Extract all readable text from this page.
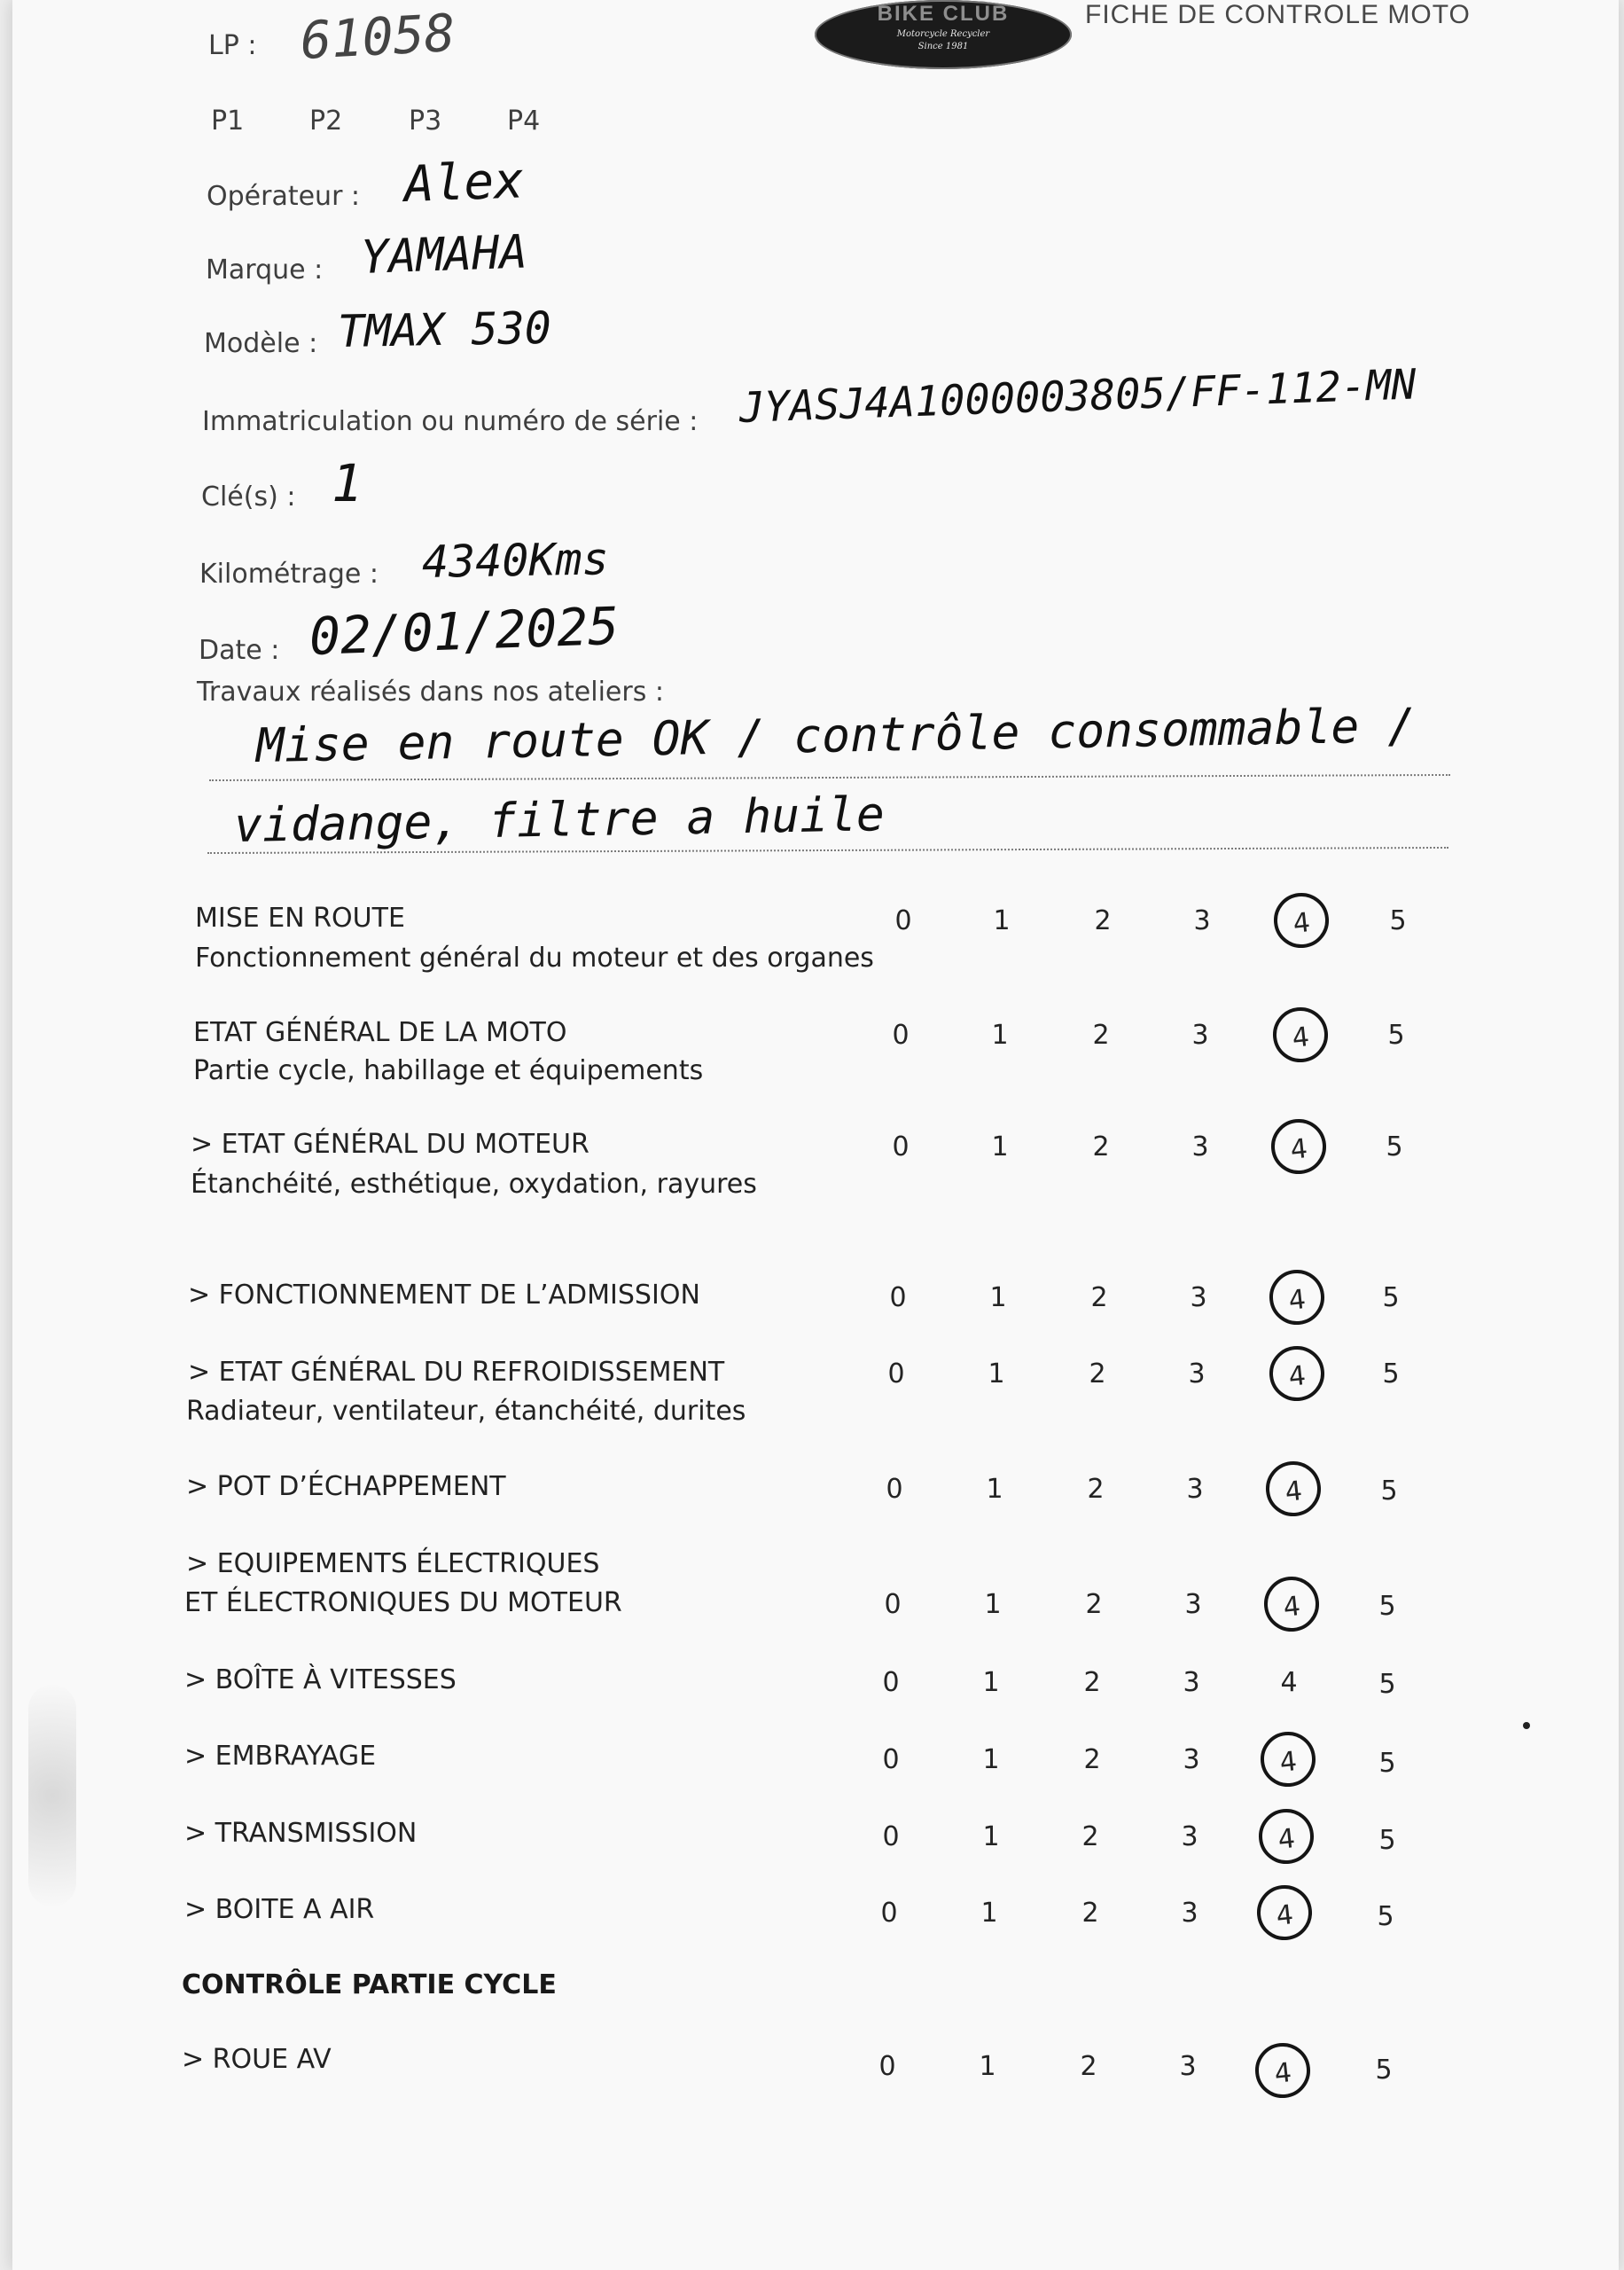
BIKE CLUB
Motorcycle Recycler
Since 1981
FICHE DE CONTROLE MOTO
LP : 61058
P1 P2 P3 P4
Opérateur : Alex
Marque : YAMAHA
Modèle : TMAX 530
Immatriculation ou numéro de série : JYASJ4A1000003805/FF-112-MN
Clé(s) : 1
Kilométrage : 4340Kms
Date : 02/01/2025
Travaux réalisés dans nos ateliers :
Mise en route OK / contrôle consommable /
vidange, filtre a huile
MISE EN ROUTE
Fonctionnement général du moteur et des organes
0	1	2	3	4	5
ETAT GÉNÉRAL DE LA MOTO
Partie cycle, habillage et équipements
0	1	2	3	4	5
> ETAT GÉNÉRAL DU MOTEUR
Étanchéité, esthétique, oxydation, rayures
0	1	2	3	4	5
> FONCTIONNEMENT DE L’ADMISSION	0	1	2	3	4	5
> ETAT GÉNÉRAL DU REFROIDISSEMENT
Radiateur, ventilateur, étanchéité, durites
0	1	2	3	4	5
> POT D’ÉCHAPPEMENT	0	1	2	3	4	5
> EQUIPEMENTS ÉLECTRIQUES
ET ÉLECTRONIQUES DU MOTEUR	0	1	2	3	4	5
> BOÎTE À VITESSES	0	1	2	3	4	5
> EMBRAYAGE	0	1	2	3	4	5
> TRANSMISSION	0	1	2	3	4	5
> BOITE A AIR	0	1	2	3	4	5
CONTRÔLE PARTIE CYCLE
> ROUE AV	0	1	2	3	4	5
